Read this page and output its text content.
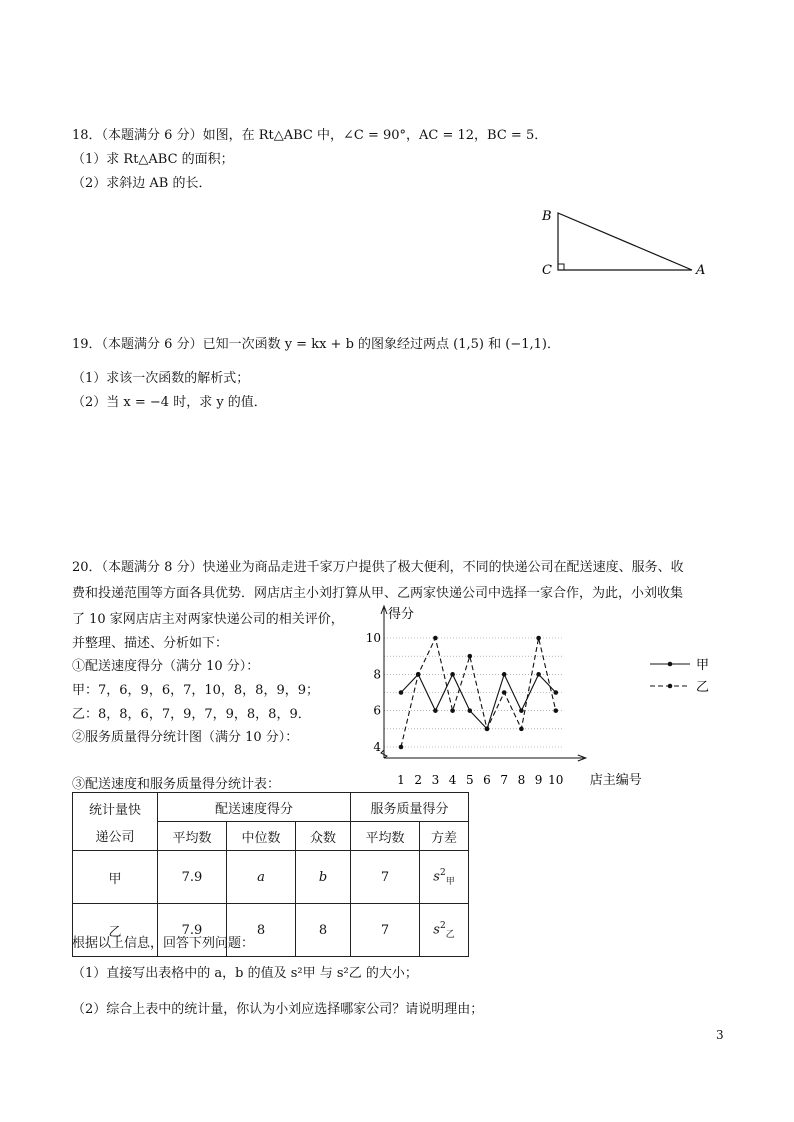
18．（本题满分 6 分）如图，在 Rt△ABC 中，∠C = 90°，AC = 12，BC = 5．
（1）求 Rt△ABC 的面积；
（2）求斜边 AB 的长．
B
C	A
19．（本题满分 6 分）已知一次函数 y = kx + b 的图象经过两点 (1,5) 和 (−1,1)．
（1）求该一次函数的解析式；
（2）当 x = −4 时，求 y 的值．
20．（本题满分 8 分）快递业为商品走进千家万户提供了极大便利，不同的快递公司在配送速度、服务、收
费和投递范围等方面各具优势．网店店主小刘打算从甲、乙两家快递公司中选择一家合作，为此，小刘收集
了 10 家网店店主对两家快递公司的相关评价，
并整理、描述、分析如下：
①配送速度得分（满分 10 分）：
甲：7，6，9，6，7，10，8，8，9，9；
乙：8，8，6，7，9，7，9，8，8，9．
②服务质量得分统计图（满分 10 分）：
③配送速度和服务质量得分统计表：
得分
店主编号
4
6
8
10
1 2 3 4 5 6 7 8 9 10
甲
乙
统计量快
递公司	配送速度得分			服务质量得分	
	平均数	中位数	众数	平均数	方差
甲	7.9	a	b	7	$s^2_甲$
乙	7.9	8	8	7	$s^2_乙$
根据以上信息，回答下列问题：
（1）直接写出表格中的 a，b 的值及 s²甲 与 s²乙 的大小；
（2）综合上表中的统计量，你认为小刘应选择哪家公司？请说明理由；
3
